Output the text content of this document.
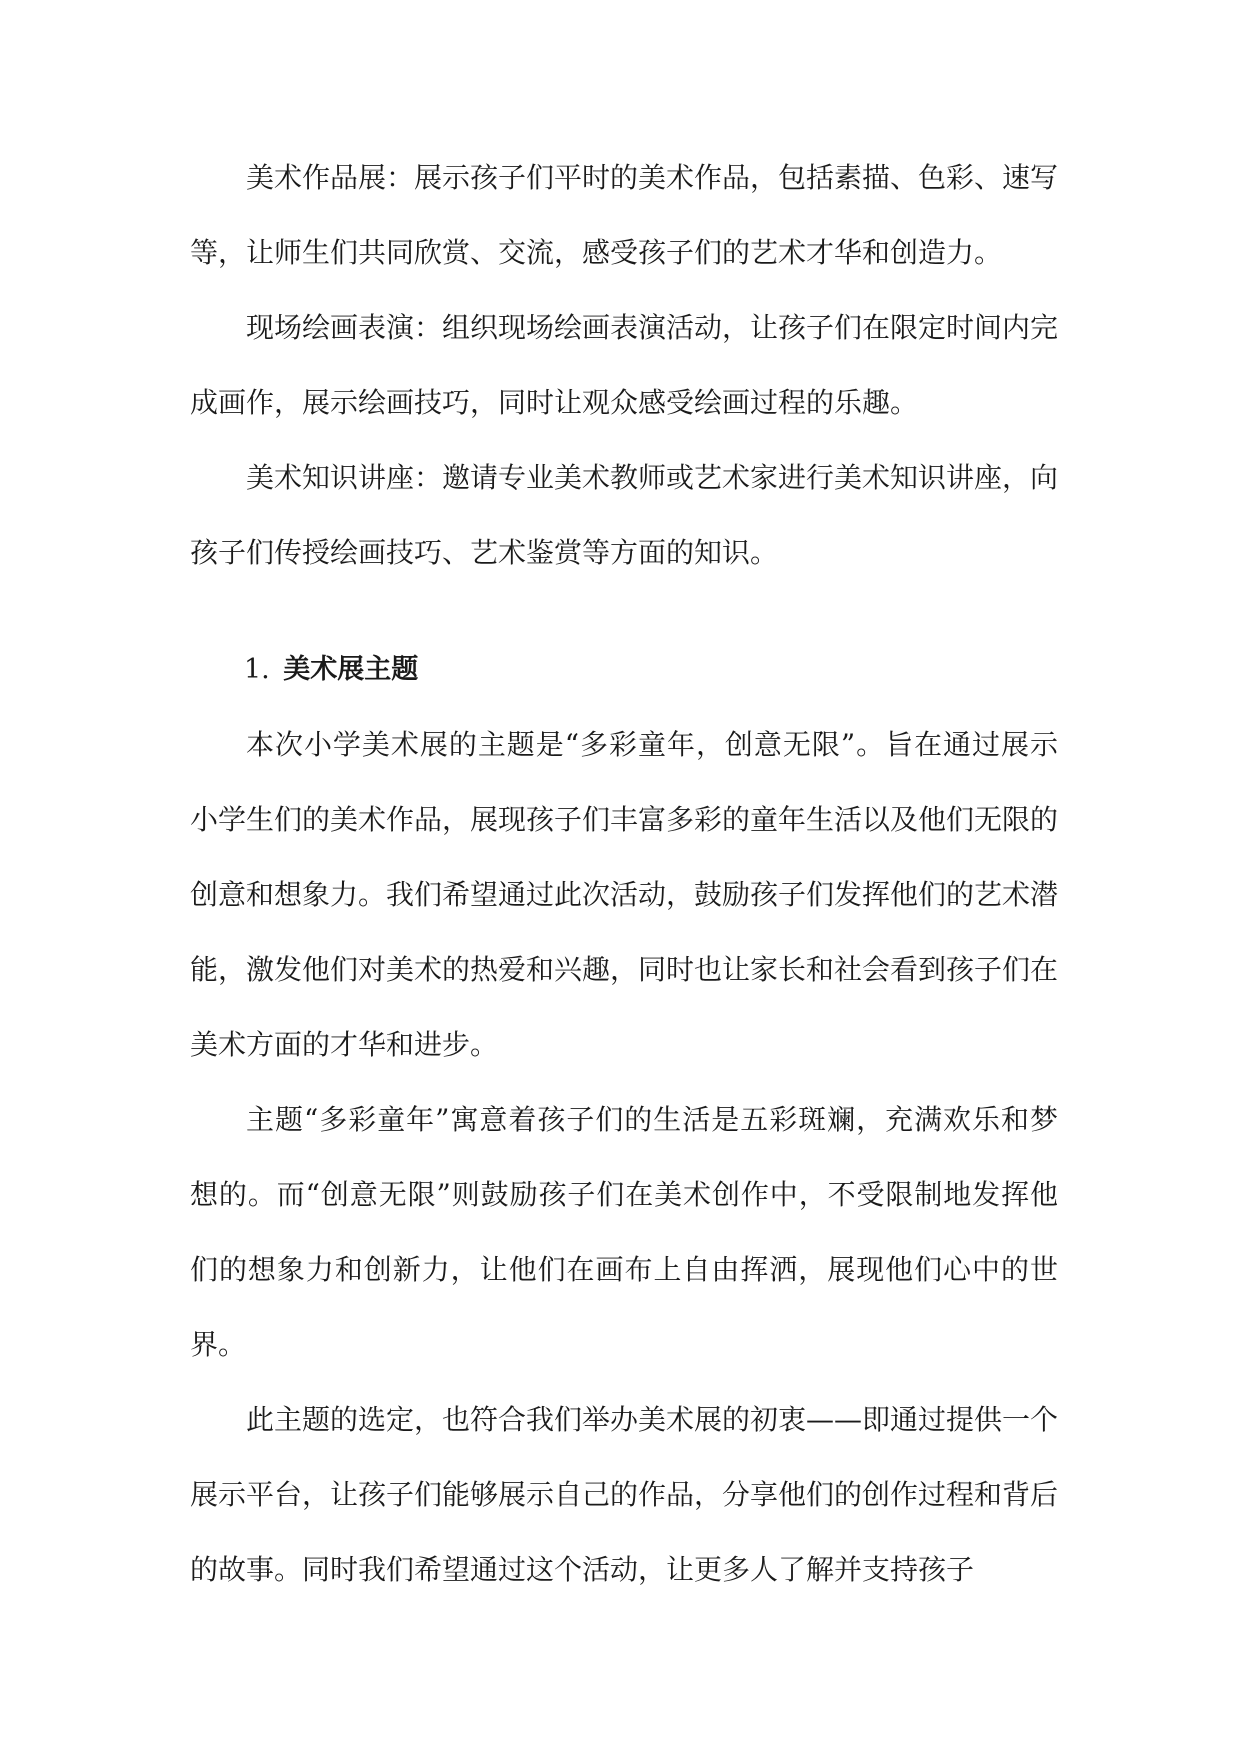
美术作品展：展示孩子们平时的美术作品，包括素描、色彩、速写等，让师生们共同欣赏、交流，感受孩子们的艺术才华和创造力。

现场绘画表演：组织现场绘画表演活动，让孩子们在限定时间内完成画作，展示绘画技巧，同时让观众感受绘画过程的乐趣。

美术知识讲座：邀请专业美术教师或艺术家进行美术知识讲座，向孩子们传授绘画技巧、艺术鉴赏等方面的知识。

1. 美术展主题

本次小学美术展的主题是“多彩童年，创意无限”。旨在通过展示小学生们的美术作品，展现孩子们丰富多彩的童年生活以及他们无限的创意和想象力。我们希望通过此次活动，鼓励孩子们发挥他们的艺术潜能，激发他们对美术的热爱和兴趣，同时也让家长和社会看到孩子们在美术方面的才华和进步。

主题“多彩童年”寓意着孩子们的生活是五彩斑斓，充满欢乐和梦想的。而“创意无限”则鼓励孩子们在美术创作中，不受限制地发挥他们的想象力和创新力，让他们在画布上自由挥洒，展现他们心中的世界。

此主题的选定，也符合我们举办美术展的初衷——即通过提供一个展示平台，让孩子们能够展示自己的作品，分享他们的创作过程和背后的故事。同时我们希望通过这个活动，让更多人了解并支持孩子
